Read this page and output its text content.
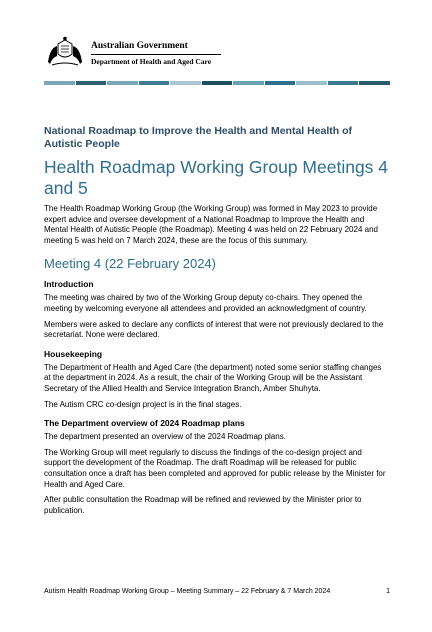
Australian Government
Department of Health and Aged Care

National Roadmap to Improve the Health and Mental Health of Autistic People

Health Roadmap Working Group Meetings 4 and 5

The Health Roadmap Working Group (the Working Group) was formed in May 2023 to provide expert advice and oversee development of a National Roadmap to Improve the Health and Mental Health of Autistic People (the Roadmap). Meeting 4 was held on 22 February 2024 and meeting 5 was held on 7 March 2024, these are the focus of this summary.

Meeting 4 (22 February 2024)
Introduction

The meeting was chaired by two of the Working Group deputy co-chairs. They opened the meeting by welcoming everyone all attendees and provided an acknowledgment of country.

Members were asked to declare any conflicts of interest that were not previously declared to the secretariat. None were declared.

Housekeeping

The Department of Health and Aged Care (the department) noted some senior staffing changes at the department in 2024. As a result, the chair of the Working Group will be the Assistant Secretary of the Allied Health and Service Integration Branch, Amber Shuhyta.

The Autism CRC co-design project is in the final stages.

The Department overview of 2024 Roadmap plans

The department presented an overview of the 2024 Roadmap plans.

The Working Group will meet regularly to discuss the findings of the co-design project and support the development of the Roadmap. The draft Roadmap will be released for public consultation once a draft has been completed and approved for public release by the Minister for Health and Aged Care.

After public consultation the Roadmap will be refined and reviewed by the Minister prior to publication.

Autism Health Roadmap Working Group – Meeting Summary – 22 February & 7 March 2024	1
